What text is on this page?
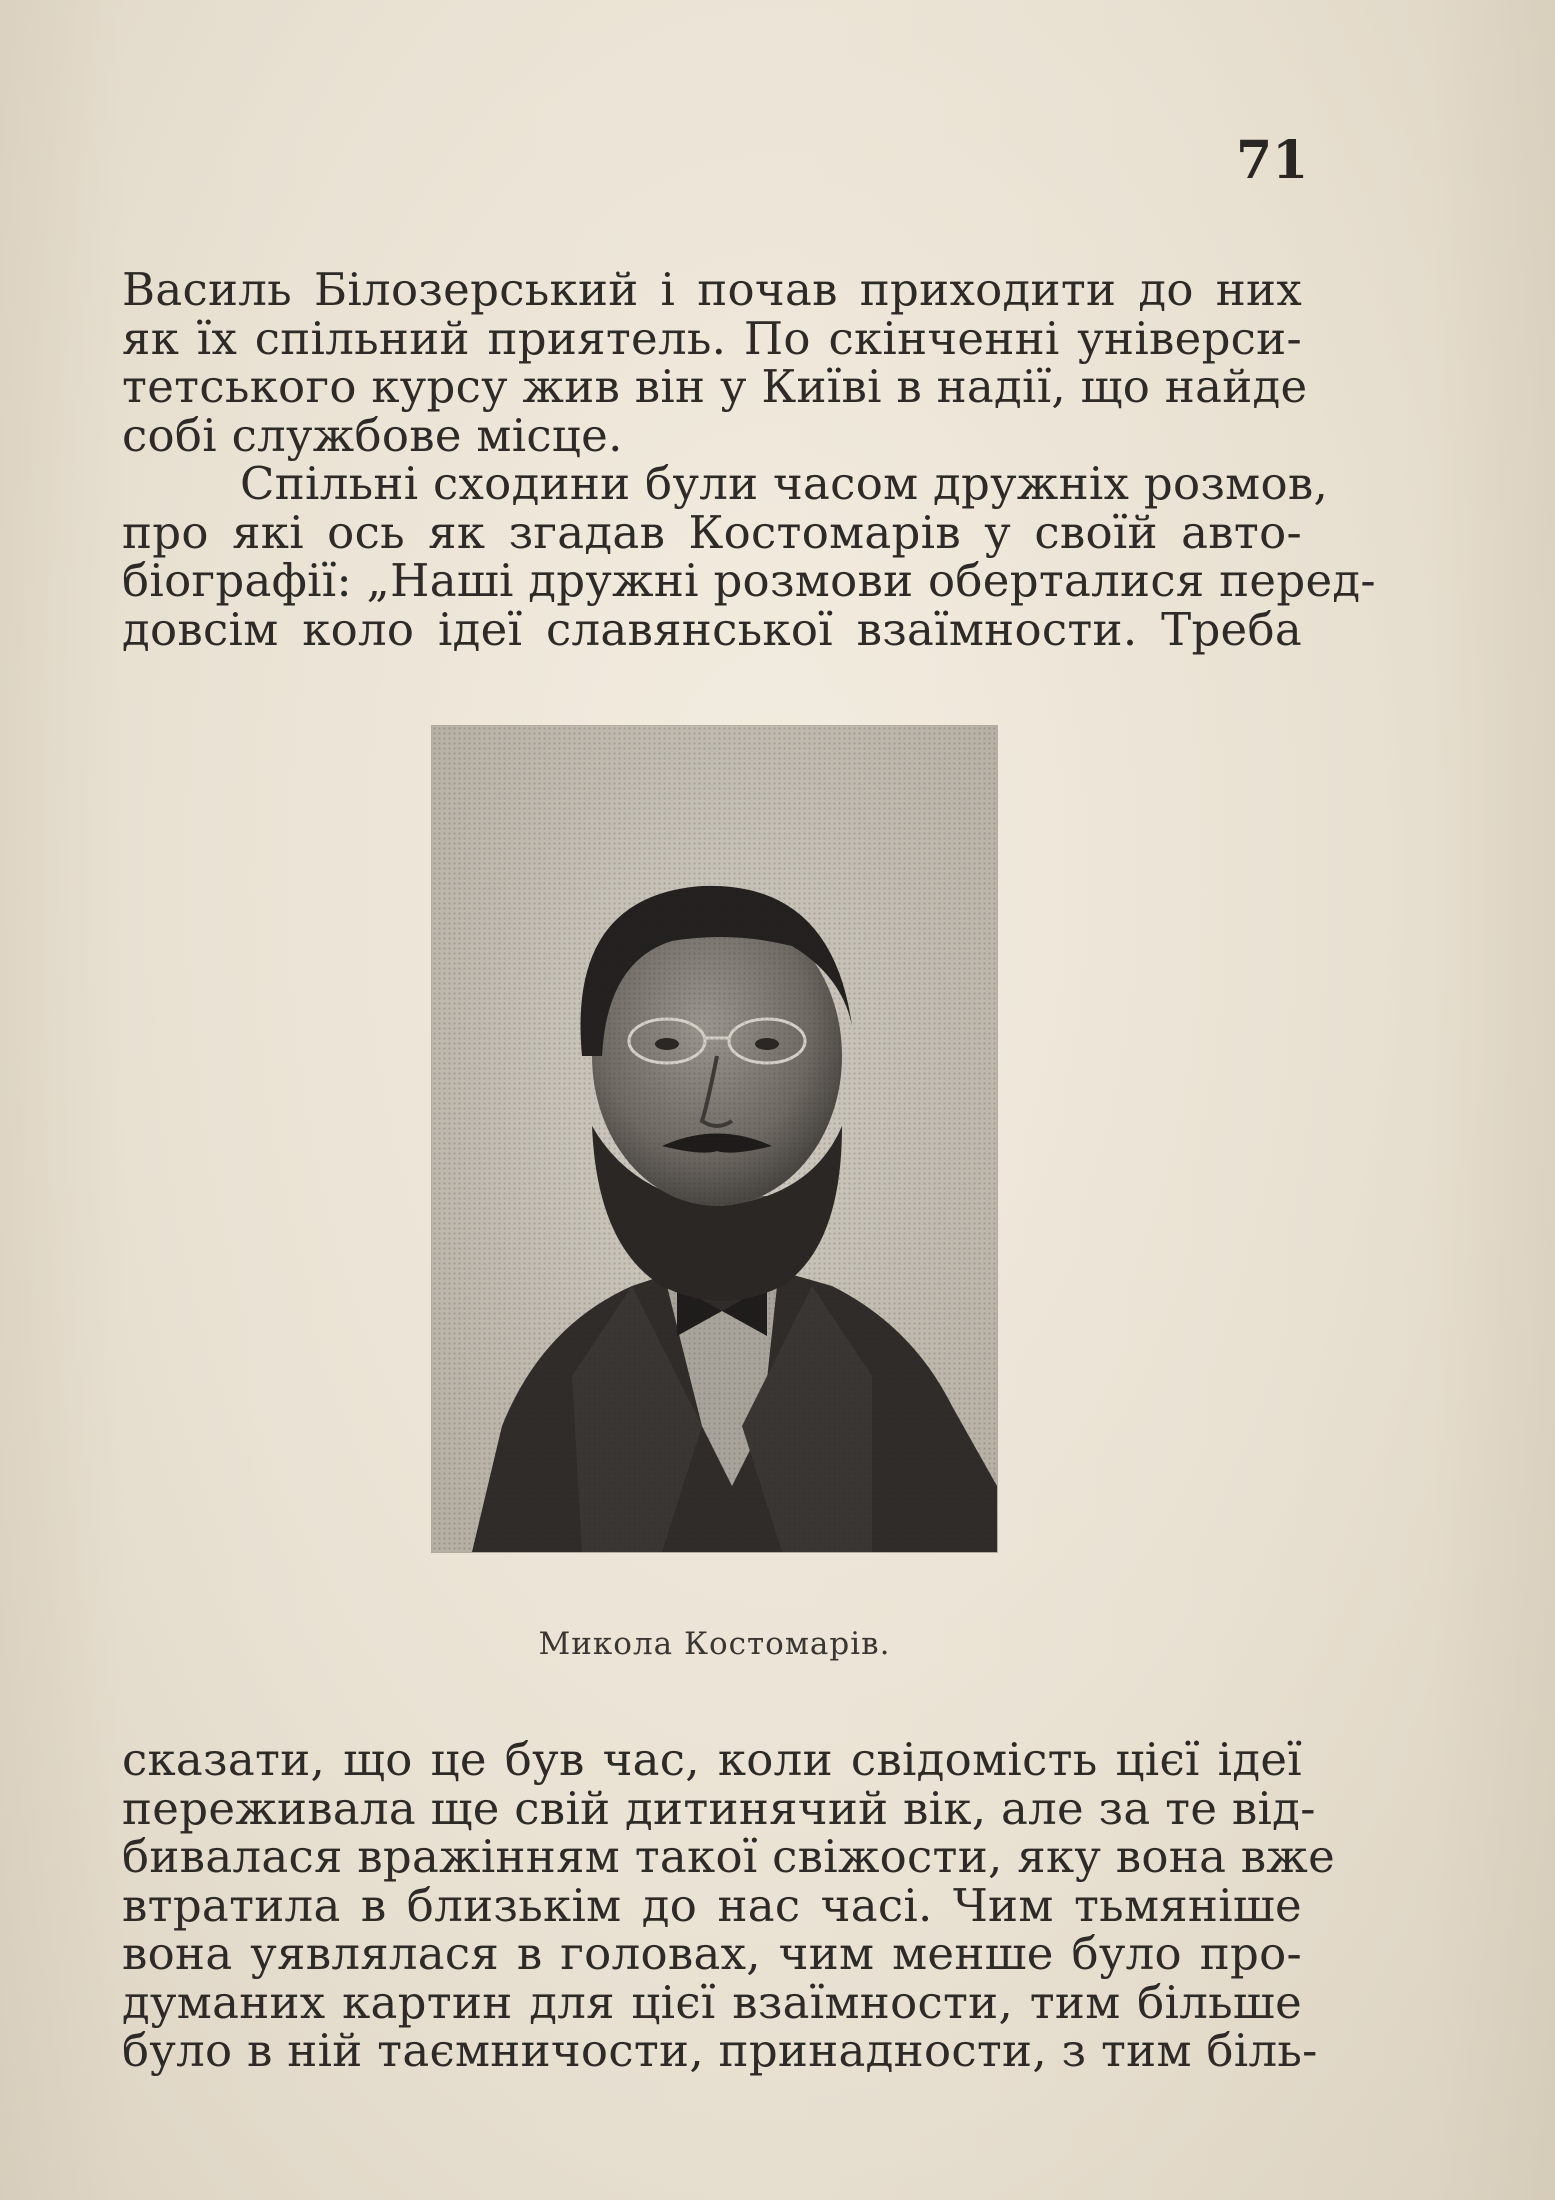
71
Василь Білозерський і почав приходити до них
як їх спільний приятель. По скінченні універси-
тетського курсу жив він у Київі в надії, що найде
собі службове місце.
Спільні сходини були часом дружніх розмов,
про які ось як згадав Костомарів у своїй авто-
біографії: „Наші дружні розмови оберталися перед-
довсім коло ідеї славянської взаїмности. Треба
Микола Костомарів.
сказати, що це був час, коли свідомість цієї ідеї
переживала ще свій дитинячий вік, але за те від-
бивалася вражінням такої свіжости, яку вона вже
втратила в близькім до нас часі. Чим тьмяніше
вона уявлялася в головах, чим менше було про-
думаних картин для цієї взаїмности, тим більше
було в ній таємничости, принадности, з тим біль-
